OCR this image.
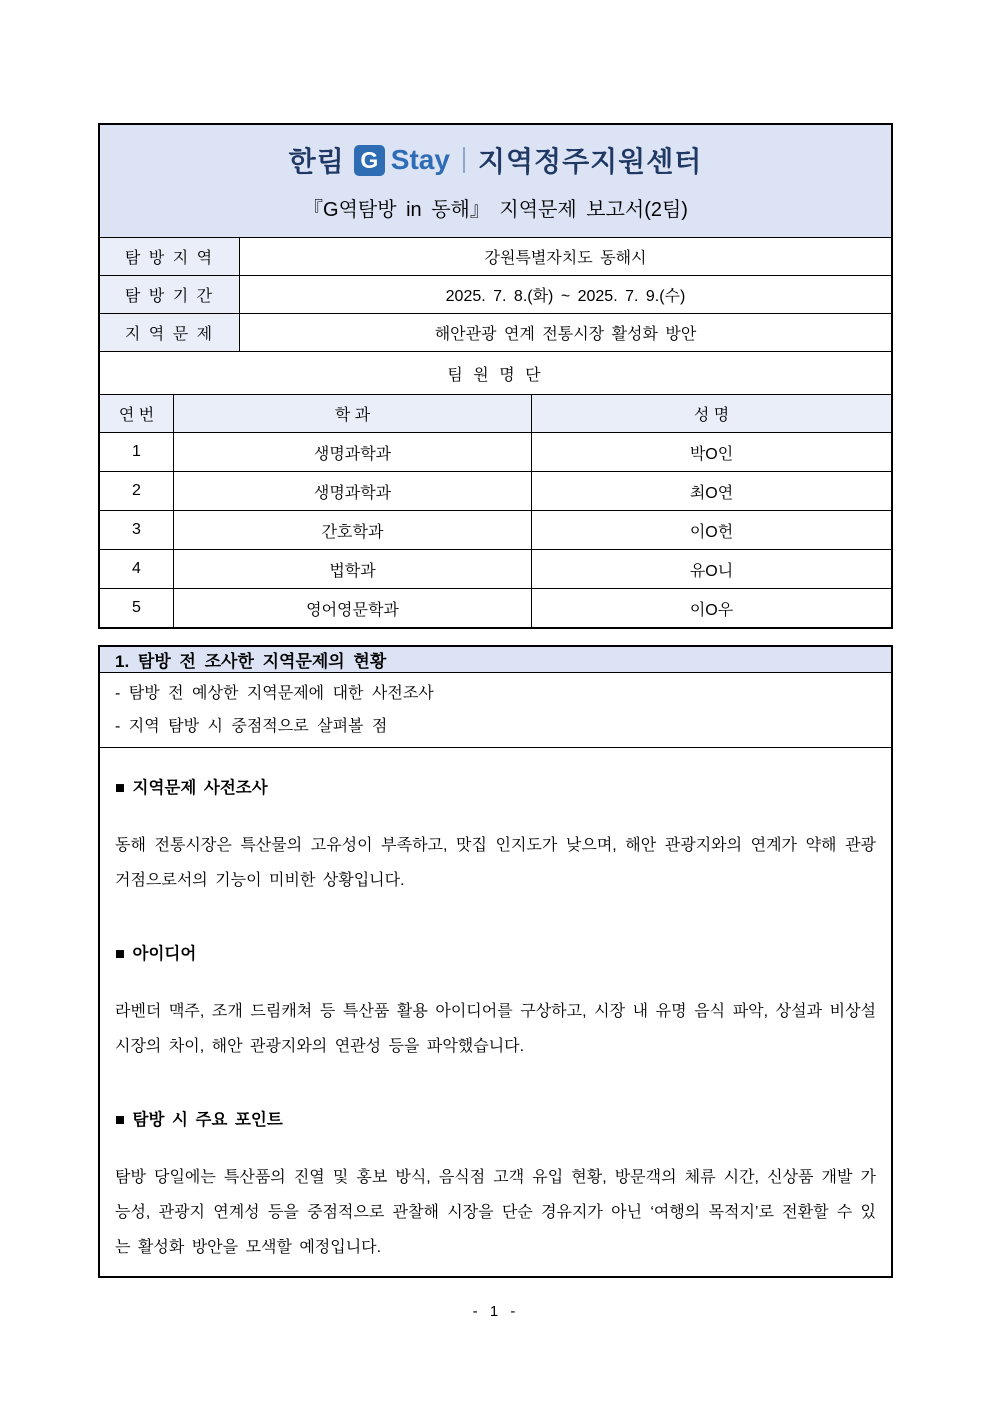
한림 G Stay 지역정주지원센터
『G역탐방 in 동해』 지역문제 보고서(2팀)
탐 방 지 역	강원특별자치도 동해시
탐 방 기 간	2025. 7. 8.(화) ~ 2025. 7. 9.(수)
지 역 문 제	해안관광 연계 전통시장 활성화 방안
팀 원 명 단
연 번	학 과	성 명
1	생명과학과	박O인
2	생명과학과	최O연
3	간호학과	이O헌
4	법학과	유O니
5	영어영문학과	이O우
1. 탐방 전 조사한 지역문제의 현황
- 탐방 전 예상한 지역문제에 대한 사전조사
- 지역 탐방 시 중점적으로 살펴볼 점
■ 지역문제 사전조사
동해 전통시장은 특산물의 고유성이 부족하고, 맛집 인지도가 낮으며, 해안 관광지와의 연계가 약해 관광 거점으로서의 기능이 미비한 상황입니다.
■ 아이디어
라벤더 맥주, 조개 드림캐쳐 등 특산품 활용 아이디어를 구상하고, 시장 내 유명 음식 파악, 상설과 비상설 시장의 차이, 해안 관광지와의 연관성 등을 파악했습니다.
■ 탐방 시 주요 포인트
탐방 당일에는 특산품의 진열 및 홍보 방식, 음식점 고객 유입 현황, 방문객의 체류 시간, 신상품 개발 가능성, 관광지 연계성 등을 중점적으로 관찰해 시장을 단순 경유지가 아닌 ‘여행의 목적지’로 전환할 수 있는 활성화 방안을 모색할 예정입니다.
- 1 -
